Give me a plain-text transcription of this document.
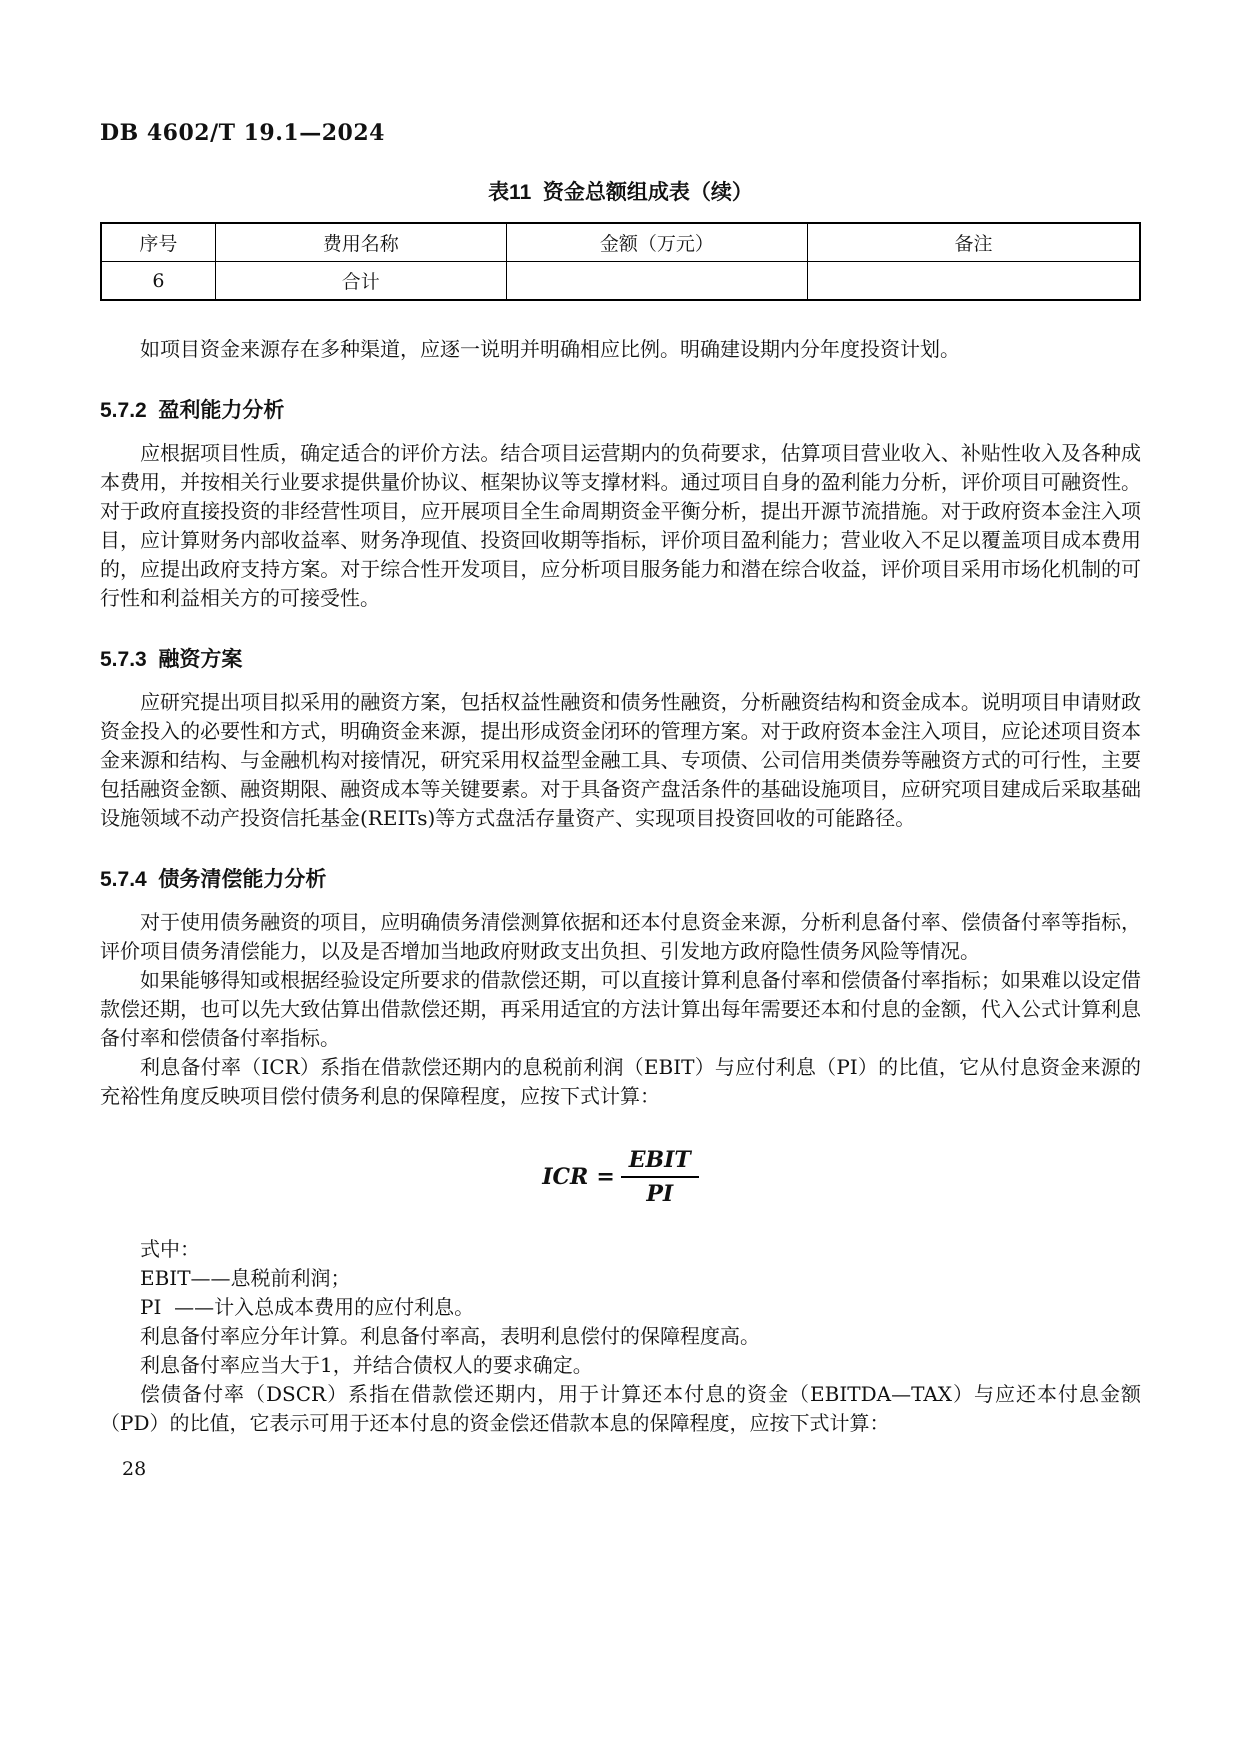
DB 4602/T 19.1—2024
表11  资金总额组成表（续）
序号	费用名称	金额（万元）	备注
6	合计		

如项目资金来源存在多种渠道，应逐一说明并明确相应比例。明确建设期内分年度投资计划。

5.7.2  盈利能力分析

应根据项目性质，确定适合的评价方法。结合项目运营期内的负荷要求，估算项目营业收入、补贴性收入及各种成本费用，并按相关行业要求提供量价协议、框架协议等支撑材料。通过项目自身的盈利能力分析，评价项目可融资性。对于政府直接投资的非经营性项目，应开展项目全生命周期资金平衡分析，提出开源节流措施。对于政府资本金注入项目，应计算财务内部收益率、财务净现值、投资回收期等指标，评价项目盈利能力；营业收入不足以覆盖项目成本费用的，应提出政府支持方案。对于综合性开发项目，应分析项目服务能力和潜在综合收益，评价项目采用市场化机制的可行性和利益相关方的可接受性。

5.7.3  融资方案

应研究提出项目拟采用的融资方案，包括权益性融资和债务性融资，分析融资结构和资金成本。说明项目申请财政资金投入的必要性和方式，明确资金来源，提出形成资金闭环的管理方案。对于政府资本金注入项目，应论述项目资本金来源和结构、与金融机构对接情况，研究采用权益型金融工具、专项债、公司信用类债券等融资方式的可行性，主要包括融资金额、融资期限、融资成本等关键要素。对于具备资产盘活条件的基础设施项目，应研究项目建成后采取基础设施领域不动产投资信托基金(REITs)等方式盘活存量资产、实现项目投资回收的可能路径。

5.7.4  债务清偿能力分析

对于使用债务融资的项目，应明确债务清偿测算依据和还本付息资金来源，分析利息备付率、偿债备付率等指标，评价项目债务清偿能力，以及是否增加当地政府财政支出负担、引发地方政府隐性债务风险等情况。

如果能够得知或根据经验设定所要求的借款偿还期，可以直接计算利息备付率和偿债备付率指标；如果难以设定借款偿还期，也可以先大致估算出借款偿还期，再采用适宜的方法计算出每年需要还本和付息的金额，代入公式计算利息备付率和偿债备付率指标。

利息备付率（ICR）系指在借款偿还期内的息税前利润（EBIT）与应付利息（PI）的比值，它从付息资金来源的充裕性角度反映项目偿付债务利息的保障程度，应按下式计算：

ICR = $\frac{\text{EBIT}}{PI}$

式中：

EBIT——息税前利润；

PI  ——计入总成本费用的应付利息。

利息备付率应分年计算。利息备付率高，表明利息偿付的保障程度高。

利息备付率应当大于1，并结合债权人的要求确定。

偿债备付率（DSCR）系指在借款偿还期内，用于计算还本付息的资金（EBITDA—TAX）与应还本付息金额（PD）的比值，它表示可用于还本付息的资金偿还借款本息的保障程度，应按下式计算：

28
